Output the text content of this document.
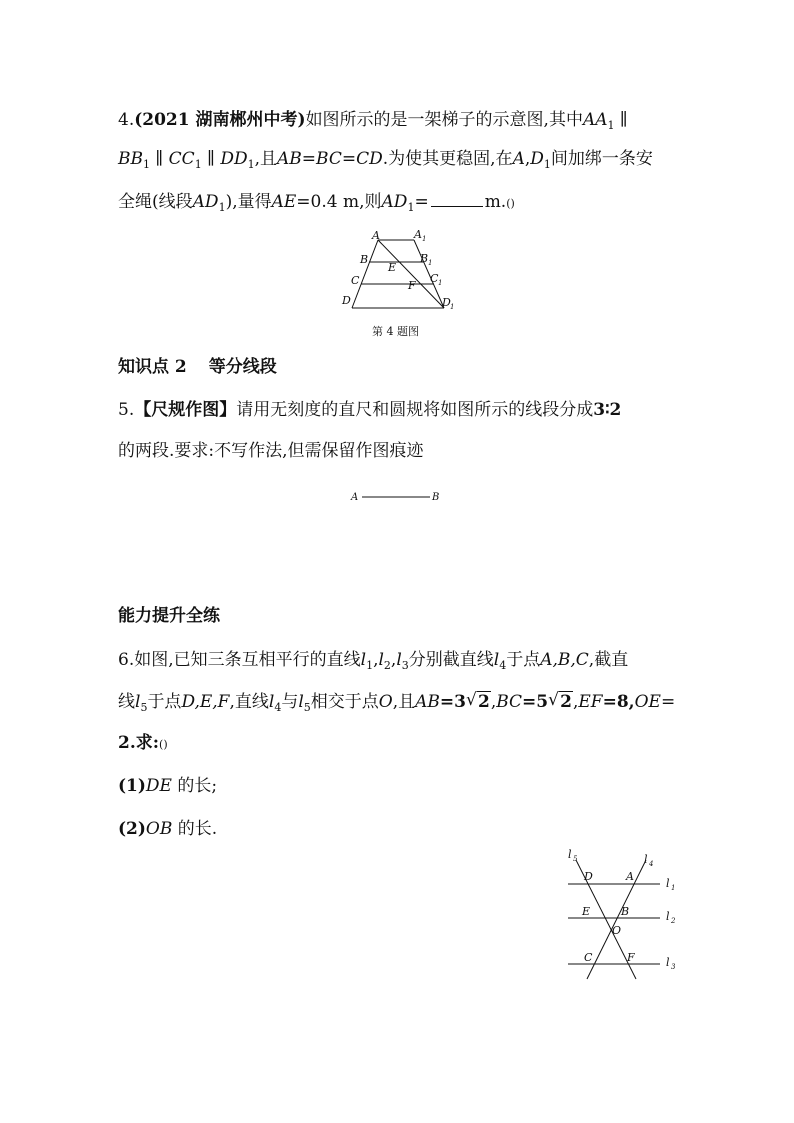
4.(2021 湖南郴州中考)如图所示的是一架梯子的示意图,其中$AA_1$ ∥
$BB_1$ ∥ $CC_1$ ∥ $DD_1$,且AB=BC=CD.为使其更稳固,在$A,D_1$间加绑一条安
全绳(线段$AD_1$),量得AE=0.4 m,则$AD_1=$	m.()
A	A 1
B	B 1
C	C 1
D	D 1
E
F
第 4 题图
知识点 2 等分线段
5.【尺规作图】请用无刻度的直尺和圆规将如图所示的线段分成3∶2
的两段.要求:不写作法,但需保留作图痕迹
A	B
能力提升全练
6.如图,已知三条互相平行的直线$l_1,l_2,l_3$分别截直线$l_4$于点A,B,C,截直
线$l_5$于点D,E,F,直线$l_4$与$l_5$相交于点O,且AB=3 √ 2,BC=5 √ 2,EF=8,OE=
2.求:()
(1)DE 的长;
(2)OB 的长.
l 5	l 4
l 1
l 2
l 3
D	A
E	B
O
C	F
